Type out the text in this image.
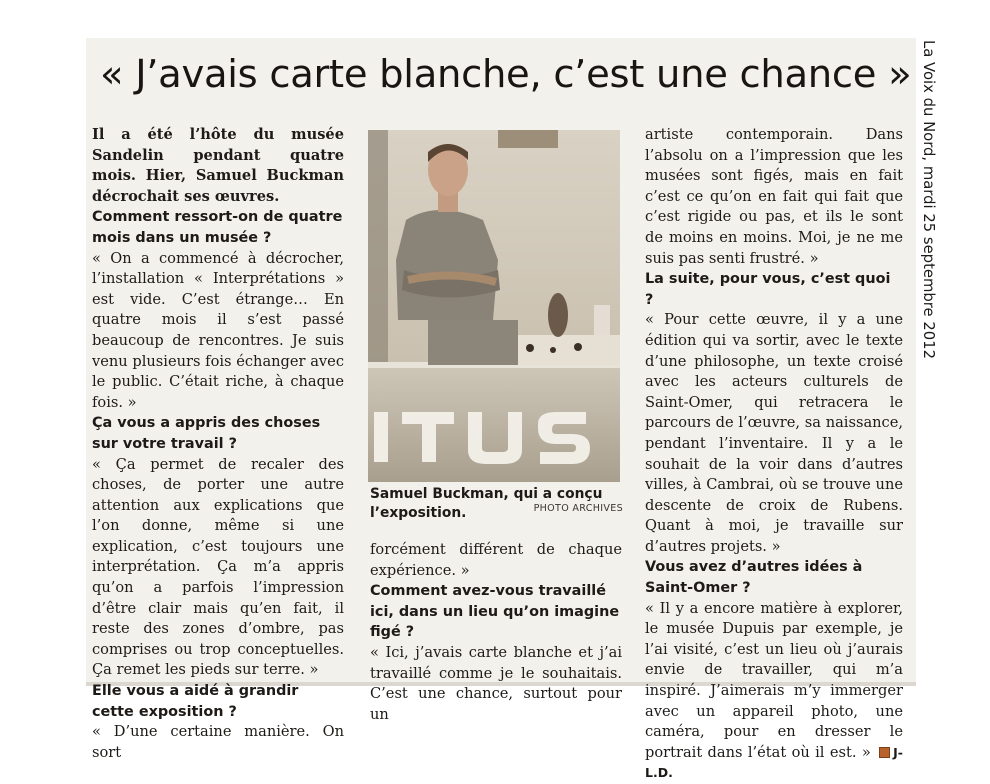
« J’avais carte blanche, c’est une chance »

Il a été l’hôte du musée Sandelin pendant quatre mois. Hier, Samuel Buckman décrochait ses œuvres.

Comment ressort-on de quatre mois dans un musée ?

« On a commencé à décrocher, l’installation « Interprétations » est vide. C’est étrange… En quatre mois il s’est passé beaucoup de rencontres. Je suis venu plusieurs fois échanger avec le public. C’était riche, à chaque fois. »

Ça vous a appris des choses sur votre travail ?

« Ça permet de recaler des choses, de porter une autre attention aux explications que l’on donne, même si une explication, c’est toujours une interprétation. Ça m’a appris qu’on a parfois l’impression d’être clair mais qu’en fait, il reste des zones d’ombre, pas comprises ou trop conceptuelles. Ça remet les pieds sur terre. »

Elle vous a aidé à grandir cette exposition ?

« D’une certaine manière. On sort

Samuel Buckman, qui a conçu l’exposition.	PHOTO ARCHIVES

forcément différent de chaque expérience. »

Comment avez-vous travaillé ici, dans un lieu qu’on imagine figé ?

« Ici, j’avais carte blanche et j’ai travaillé comme je le souhaitais. C’est une chance, surtout pour un

artiste contemporain. Dans l’absolu on a l’impression que les musées sont figés, mais en fait c’est ce qu’on en fait qui fait que c’est rigide ou pas, et ils le sont de moins en moins. Moi, je ne me suis pas senti frustré. »

La suite, pour vous, c’est quoi ?

« Pour cette œuvre, il y a une édition qui va sortir, avec le texte d’une philosophe, un texte croisé avec les acteurs culturels de Saint-Omer, qui retracera le parcours de l’œuvre, sa naissance, pendant l’inventaire. Il y a le souhait de la voir dans d’autres villes, à Cambrai, où se trouve une descente de croix de Rubens. Quant à moi, je travaille sur d’autres projets. »

Vous avez d’autres idées à Saint-Omer ?

« Il y a encore matière à explorer, le musée Dupuis par exemple, je l’ai visité, c’est un lieu où j’aurais envie de travailler, qui m’a inspiré. J’aimerais m’y immerger avec un appareil photo, une caméra, pour en dresser le portrait dans l’état où il est. » J-L.D.

La Voix du Nord, mardi 25 septembre 2012
